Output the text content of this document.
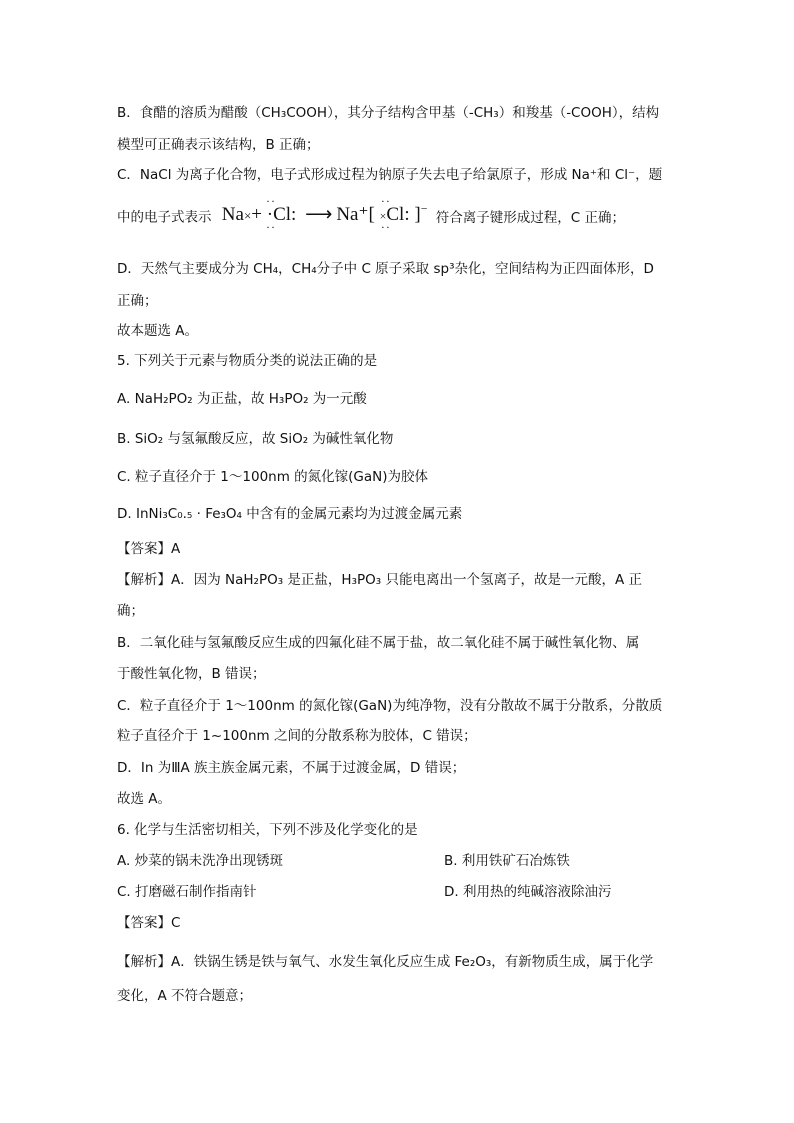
B．食醋的溶质为醋酸（CH₃COOH），其分子结构含甲基（-CH₃）和羧基（-COOH），结构
模型可正确表示该结构，B 正确；
C．NaCl 为离子化合物，电子式形成过程为钠原子失去电子给氯原子，形成 Na⁺和 Cl⁻，题
中的电子式表示 Na×+
··
·Cl:
··
⟶ Na⁺[
··
×Cl:
··
]− 符合离子键形成过程，C 正确；
D．天然气主要成分为 CH₄，CH₄分子中 C 原子采取 sp³杂化，空间结构为正四面体形，D
正确；
故本题选 A。
5. 下列关于元素与物质分类的说法正确的是
A. NaH₂PO₂ 为正盐，故 H₃PO₂ 为一元酸
B. SiO₂ 与氢氟酸反应，故 SiO₂ 为碱性氧化物
C. 粒子直径介于 1～100nm 的氮化镓(GaN)为胶体
D. InNi₃C₀.₅ · Fe₃O₄ 中含有的金属元素均为过渡金属元素
【答案】A
【解析】A．因为 NaH₂PO₃ 是正盐，H₃PO₃ 只能电离出一个氢离子，故是一元酸，A 正
确；
B．二氧化硅与氢氟酸反应生成的四氟化硅不属于盐，故二氧化硅不属于碱性氧化物、属
于酸性氧化物，B 错误；
C．粒子直径介于 1～100nm 的氮化镓(GaN)为纯净物，没有分散故不属于分散系，分散质
粒子直径介于 1~100nm 之间的分散系称为胶体，C 错误；
D．In 为ⅢA 族主族金属元素，不属于过渡金属，D 错误；
故选 A。
6. 化学与生活密切相关，下列不涉及化学变化的是
A. 炒菜的锅未洗净出现锈斑	B. 利用铁矿石冶炼铁
C. 打磨磁石制作指南针	D. 利用热的纯碱溶液除油污
【答案】C
【解析】A．铁锅生锈是铁与氧气、水发生氧化反应生成 Fe₂O₃，有新物质生成，属于化学
变化，A 不符合题意；
